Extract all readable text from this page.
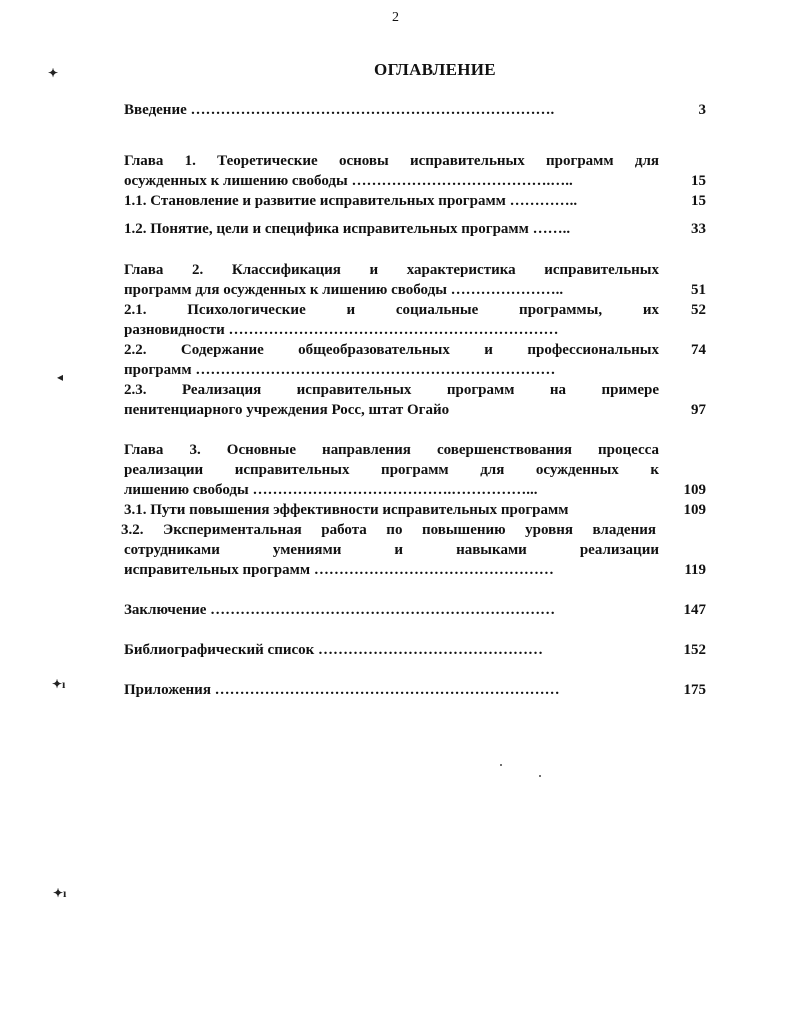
2
ОГЛАВЛЕНИЕ
✦
◂
✦ı
✦ı
3
Введение ……………………………………………………………….
Глава 1. Теоретические основы исправительных программ для
15
осужденных к лишению свободы ………………………………….…..
15
1.1. Становление и развитие исправительных программ …………..
33
1.2. Понятие, цели и специфика исправительных программ ……..
Глава 2. Классификация и характеристика исправительных
51
программ для осужденных к лишению свободы …………………..
52
2.1. Психологические и социальные программы, их
разновидности …………………………………………………………
74
2.2. Содержание общеобразовательных и профессиональных
программ ………………………………………………………………
2.3. Реализация исправительных программ на примере
97
пенитенциарного учреждения Росс, штат Огайо
Глава 3. Основные направления совершенствования процесса
реализации исправительных программ для осужденных к
109
лишению свободы ………………………………….……………...
109
3.1. Пути повышения эффективности исправительных программ
3.2. Экспериментальная работа по повышению уровня владения
сотрудниками умениями и навыками реализации
119
исправительных программ …………………………………………
147
Заключение ……………………………………………………………
152
Библиографический список ………………………………………
175
Приложения ……………………………………………………………
